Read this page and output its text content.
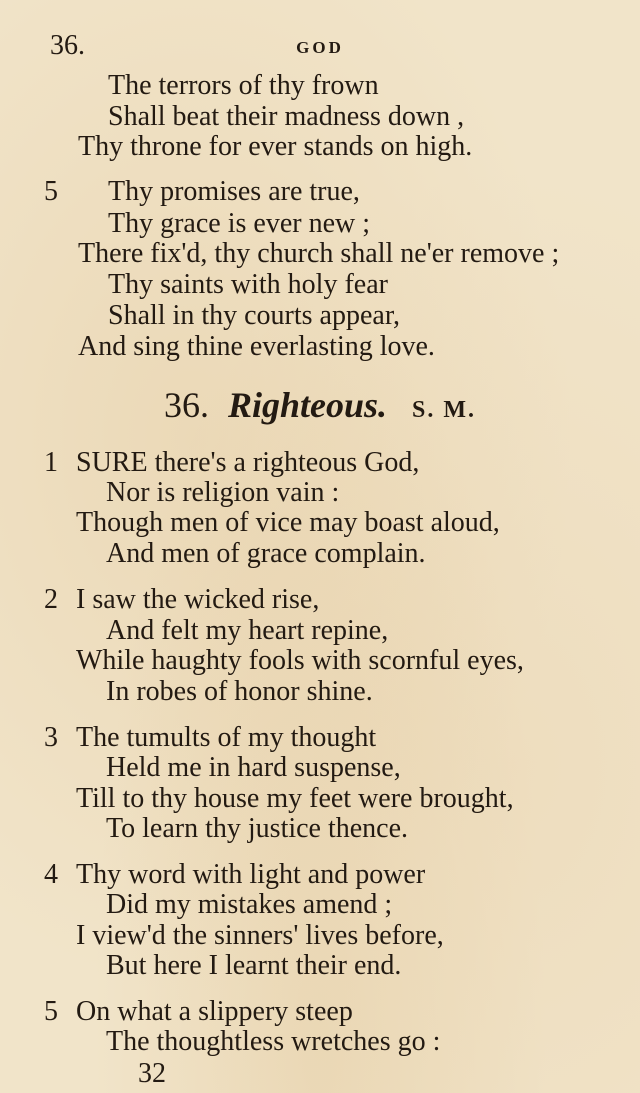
36.	GOD
The terrors of thy frown
Shall beat their madness down ,
Thy throne for ever stands on high.
5 Thy promises are true,
Thy grace is ever new ;
There fix'd, thy church shall ne'er remove ;
Thy saints with holy fear
Shall in thy courts appear,
And sing thine everlasting love.
36. Righteous. S. M.
1 SURE there's a righteous God,
Nor is religion vain :
Though men of vice may boast aloud,
And men of grace complain.
2 I saw the wicked rise,
And felt my heart repine,
While haughty fools with scornful eyes,
In robes of honor shine.
3 The tumults of my thought
Held me in hard suspense,
Till to thy house my feet were brought,
To learn thy justice thence.
4 Thy word with light and power
Did my mistakes amend ;
I view'd the sinners' lives before,
But here I learnt their end.
5 On what a slippery steep
The thoughtless wretches go :
32
